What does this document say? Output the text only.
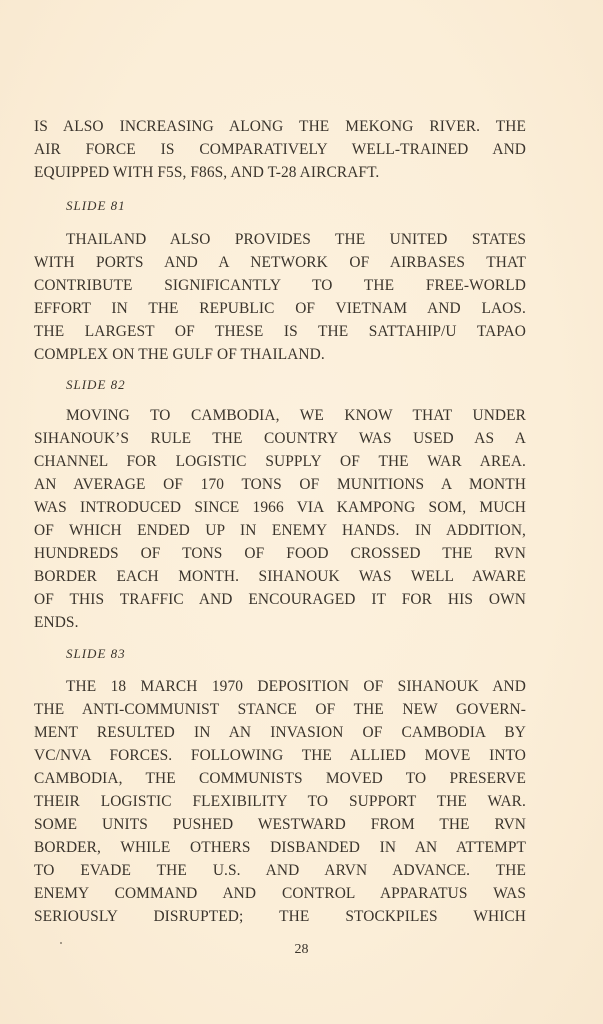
IS ALSO INCREASING ALONG THE MEKONG RIVER. THE
AIR FORCE IS COMPARATIVELY WELL-TRAINED AND
EQUIPPED WITH F5S, F86S, AND T-28 AIRCRAFT.
SLIDE 81
THAILAND ALSO PROVIDES THE UNITED STATES
WITH PORTS AND A NETWORK OF AIRBASES THAT
CONTRIBUTE SIGNIFICANTLY TO THE FREE-WORLD
EFFORT IN THE REPUBLIC OF VIETNAM AND LAOS.
THE LARGEST OF THESE IS THE SATTAHIP/U TAPAO
COMPLEX ON THE GULF OF THAILAND.
SLIDE 82
MOVING TO CAMBODIA, WE KNOW THAT UNDER
SIHANOUK’S RULE THE COUNTRY WAS USED AS A
CHANNEL FOR LOGISTIC SUPPLY OF THE WAR AREA.
AN AVERAGE OF 170 TONS OF MUNITIONS A MONTH
WAS INTRODUCED SINCE 1966 VIA KAMPONG SOM, MUCH
OF WHICH ENDED UP IN ENEMY HANDS. IN ADDITION,
HUNDREDS OF TONS OF FOOD CROSSED THE RVN
BORDER EACH MONTH. SIHANOUK WAS WELL AWARE
OF THIS TRAFFIC AND ENCOURAGED IT FOR HIS OWN
ENDS.
SLIDE 83
THE 18 MARCH 1970 DEPOSITION OF SIHANOUK AND
THE ANTI-COMMUNIST STANCE OF THE NEW GOVERN-
MENT RESULTED IN AN INVASION OF CAMBODIA BY
VC/NVA FORCES. FOLLOWING THE ALLIED MOVE INTO
CAMBODIA, THE COMMUNISTS MOVED TO PRESERVE
THEIR LOGISTIC FLEXIBILITY TO SUPPORT THE WAR.
SOME UNITS PUSHED WESTWARD FROM THE RVN
BORDER, WHILE OTHERS DISBANDED IN AN ATTEMPT
TO EVADE THE U.S. AND ARVN ADVANCE. THE
ENEMY COMMAND AND CONTROL APPARATUS WAS
SERIOUSLY DISRUPTED; THE STOCKPILES WHICH
28
